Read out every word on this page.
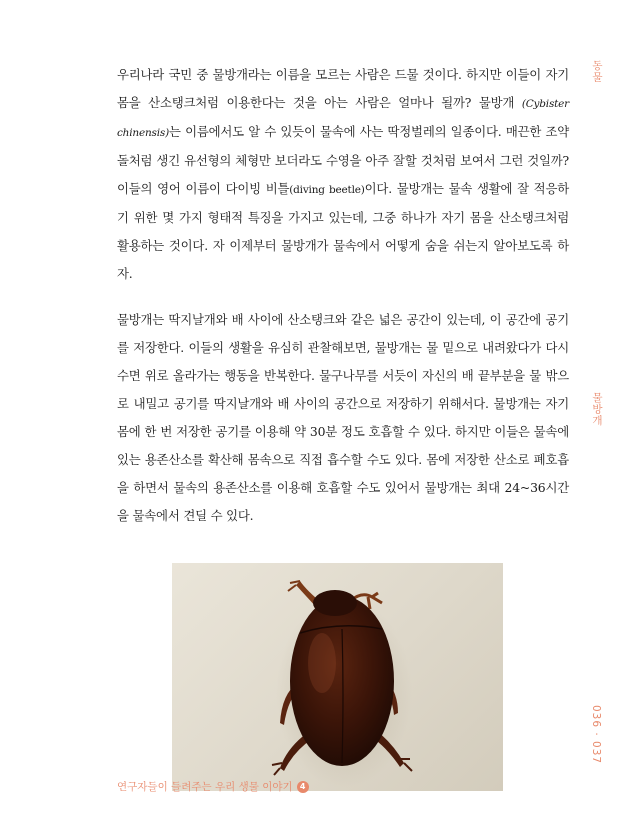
우리나라 국민 중 물방개라는 이름을 모르는 사람은 드물 것이다. 하지만 이들이 자기 몸을 산소탱크처럼 이용한다는 것을 아는 사람은 얼마나 될까? 물방개 (Cybister chinensis)는 이름에서도 알 수 있듯이 물속에 사는 딱정벌레의 일종이다. 매끈한 조약돌처럼 생긴 유선형의 체형만 보더라도 수영을 아주 잘할 것처럼 보여서 그런 것일까? 이들의 영어 이름이 다이빙 비틀(diving beetle)이다. 물방개는 물속 생활에 잘 적응하기 위한 몇 가지 형태적 특징을 가지고 있는데, 그중 하나가 자기 몸을 산소탱크처럼 활용하는 것이다. 자 이제부터 물방개가 물속에서 어떻게 숨을 쉬는지 알아보도록 하자.

물방개는 딱지날개와 배 사이에 산소탱크와 같은 넓은 공간이 있는데, 이 공간에 공기를 저장한다. 이들의 생활을 유심히 관찰해보면, 물방개는 물 밑으로 내려왔다가 다시 수면 위로 올라가는 행동을 반복한다. 물구나무를 서듯이 자신의 배 끝부분을 물 밖으로 내밀고 공기를 딱지날개와 배 사이의 공간으로 저장하기 위해서다. 물방개는 자기 몸에 한 번 저장한 공기를 이용해 약 30분 정도 호흡할 수 있다. 하지만 이들은 물속에 있는 용존산소를 확산해 몸속으로 직접 흡수할 수도 있다. 몸에 저장한 산소로 폐호흡을 하면서 물속의 용존산소를 이용해 호흡할 수도 있어서 물방개는 최대 24~36시간을 물속에서 견딜 수 있다.

동물
물방개
036 · 037
연구자들이 들려주는 우리 생물 이야기 4
